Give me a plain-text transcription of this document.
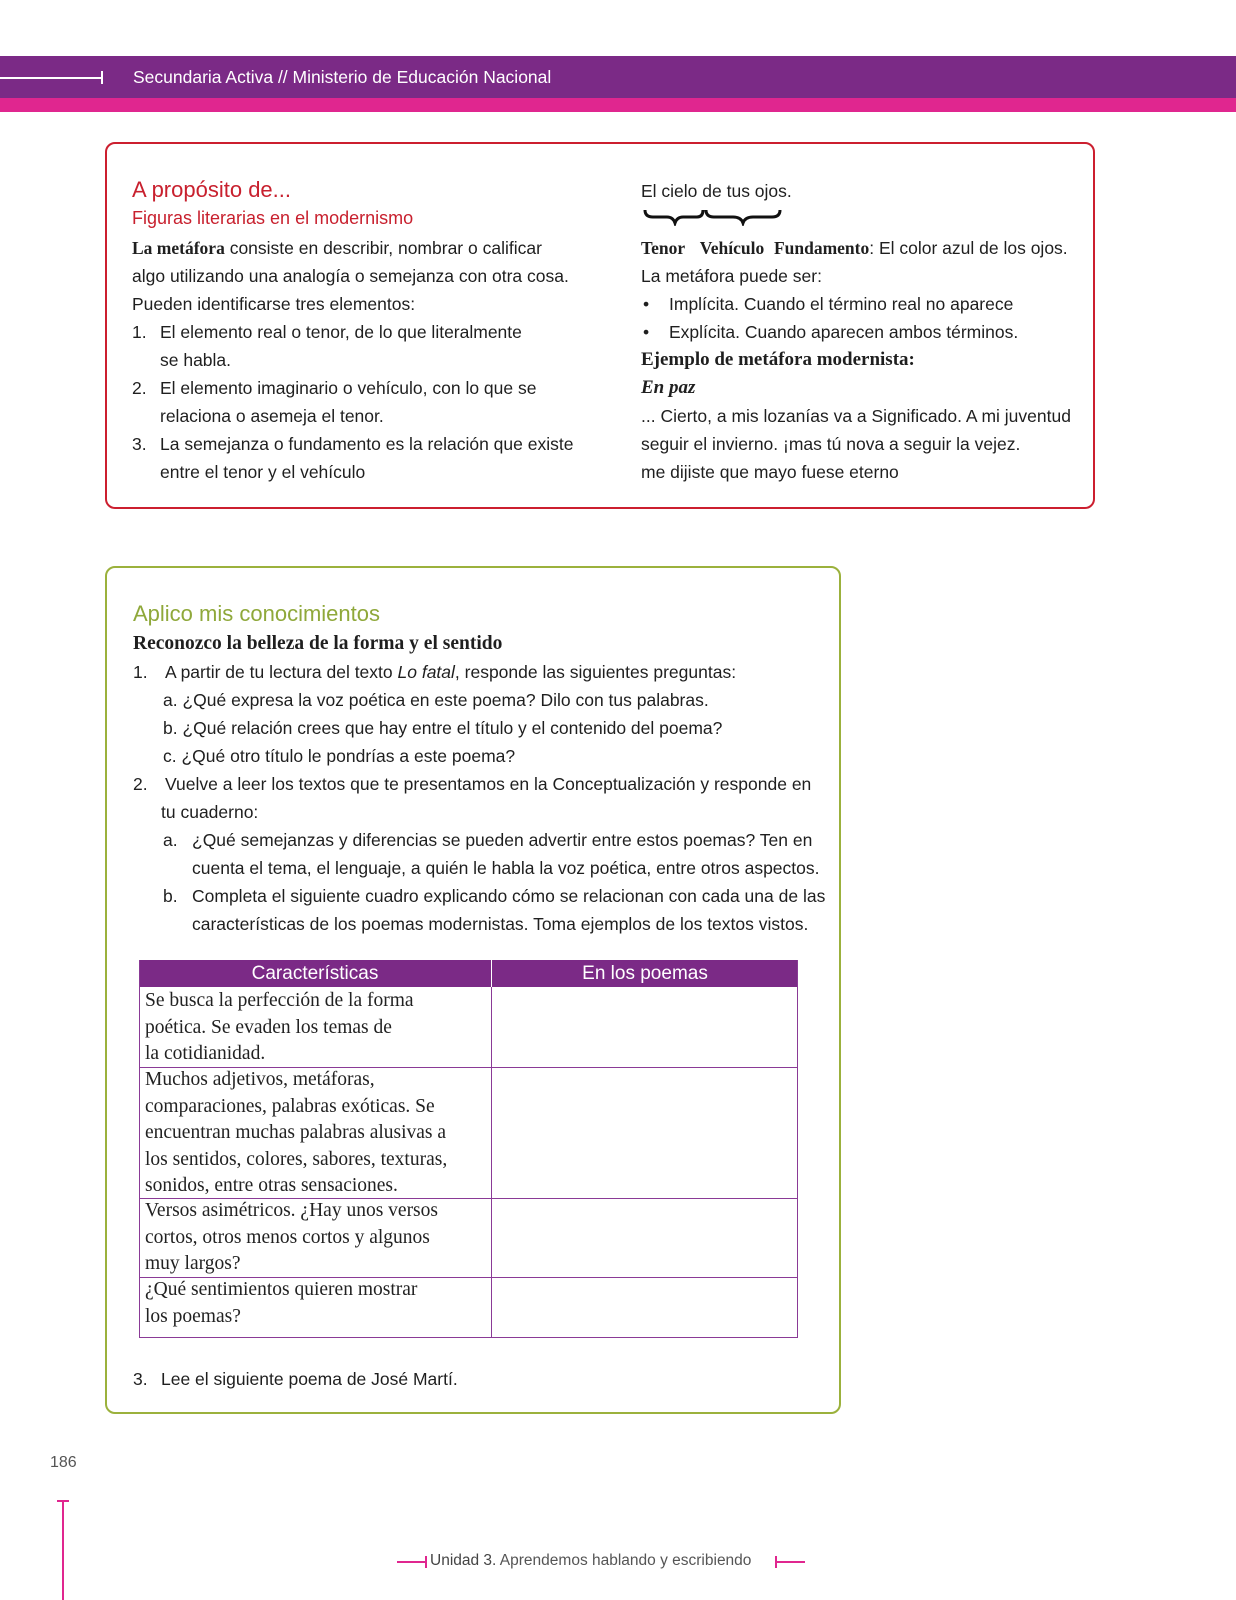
Secundaria Activa // Ministerio de Educación Nacional
A propósito de...
Figuras literarias en el modernismo
La metáfora consiste en describir, nombrar o calificar
algo utilizando una analogía o semejanza con otra cosa.
Pueden identificarse tres elementos:
1. El elemento real o tenor, de lo que literalmente
se habla.
2. El elemento imaginario o vehículo, con lo que se
relaciona o asemeja el tenor.
3. La semejanza o fundamento es la relación que existe
entre el tenor y el vehículo
El cielo de tus ojos.
Tenor Vehículo Fundamento: El color azul de los ojos.
La metáfora puede ser:
• Implícita. Cuando el término real no aparece
• Explícita. Cuando aparecen ambos términos.
Ejemplo de metáfora modernista:
En paz
... Cierto, a mis lozanías va a Significado. A mi juventud
seguir el invierno. ¡mas tú nova a seguir la vejez.
me dijiste que mayo fuese eterno
Aplico mis conocimientos
Reconozco la belleza de la forma y el sentido
1. A partir de tu lectura del texto Lo fatal, responde las siguientes preguntas:
a. ¿Qué expresa la voz poética en este poema? Dilo con tus palabras.
b. ¿Qué relación crees que hay entre el título y el contenido del poema?
c. ¿Qué otro título le pondrías a este poema?
2. Vuelve a leer los textos que te presentamos en la Conceptualización y responde en
tu cuaderno:
a. ¿Qué semejanzas y diferencias se pueden advertir entre estos poemas? Ten en
cuenta el tema, el lenguaje, a quién le habla la voz poética, entre otros aspectos.
b. Completa el siguiente cuadro explicando cómo se relacionan con cada una de las
características de los poemas modernistas. Toma ejemplos de los textos vistos.
Características	En los poemas
Se busca la perfección de la forma
poética. Se evaden los temas de
la cotidianidad.
Muchos adjetivos, metáforas,
comparaciones, palabras exóticas. Se
encuentran muchas palabras alusivas a
los sentidos, colores, sabores, texturas,
sonidos, entre otras sensaciones.
Versos asimétricos. ¿Hay unos versos
cortos, otros menos cortos y algunos
muy largos?
¿Qué sentimientos quieren mostrar
los poemas?
3. Lee el siguiente poema de José Martí.
186
Unidad 3. Aprendemos hablando y escribiendo
